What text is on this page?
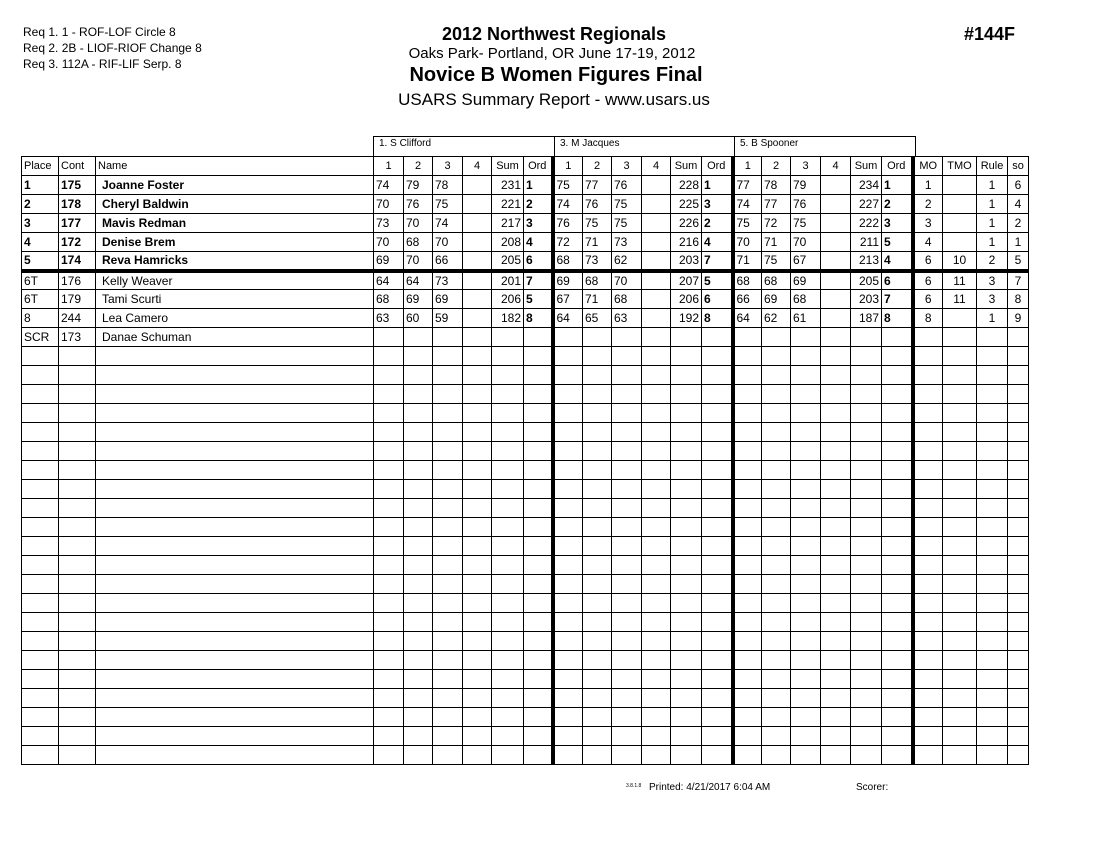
Req 1. 1 - ROF-LOF Circle 8
Req 2. 2B - LIOF-RIOF Change 8
Req 3. 112A - RIF-LIF Serp. 8
2012 Northwest Regionals
Oaks Park- Portland, OR June 17-19, 2012
#144F
Novice B Women Figures Final
USARS Summary Report - www.usars.us
1. S Clifford	3. M Jacques	5. B Spooner
Place	Cont	Name	1	2	3	4	Sum	Ord	1	2	3	4	Sum	Ord	1	2	3	4	Sum	Ord	MO	TMO	Rule	so
1	175	Joanne Foster	74	79	78		231	1	75	77	76		228	1	77	78	79		234	1	1		1	6
2	178	Cheryl Baldwin	70	76	75		221	2	74	76	75		225	3	74	77	76		227	2	2		1	4
3	177	Mavis Redman	73	70	74		217	3	76	75	75		226	2	75	72	75		222	3	3		1	2
4	172	Denise Brem	70	68	70		208	4	72	71	73		216	4	70	71	70		211	5	4		1	1
5	174	Reva Hamricks	69	70	66		205	6	68	73	62		203	7	71	75	67		213	4	6	10	2	5
6T	176	Kelly Weaver	64	64	73		201	7	69	68	70		207	5	68	68	69		205	6	6	11	3	7
6T	179	Tami Scurti	68	69	69		206	5	67	71	68		206	6	66	69	68		203	7	6	11	3	8
8	244	Lea Camero	63	60	59		182	8	64	65	63		192	8	64	62	61		187	8	8		1	9
SCR	173	Danae Schuman																						

3.8.1.8 Printed: 4/21/2017 6:04 AM	Scorer:
